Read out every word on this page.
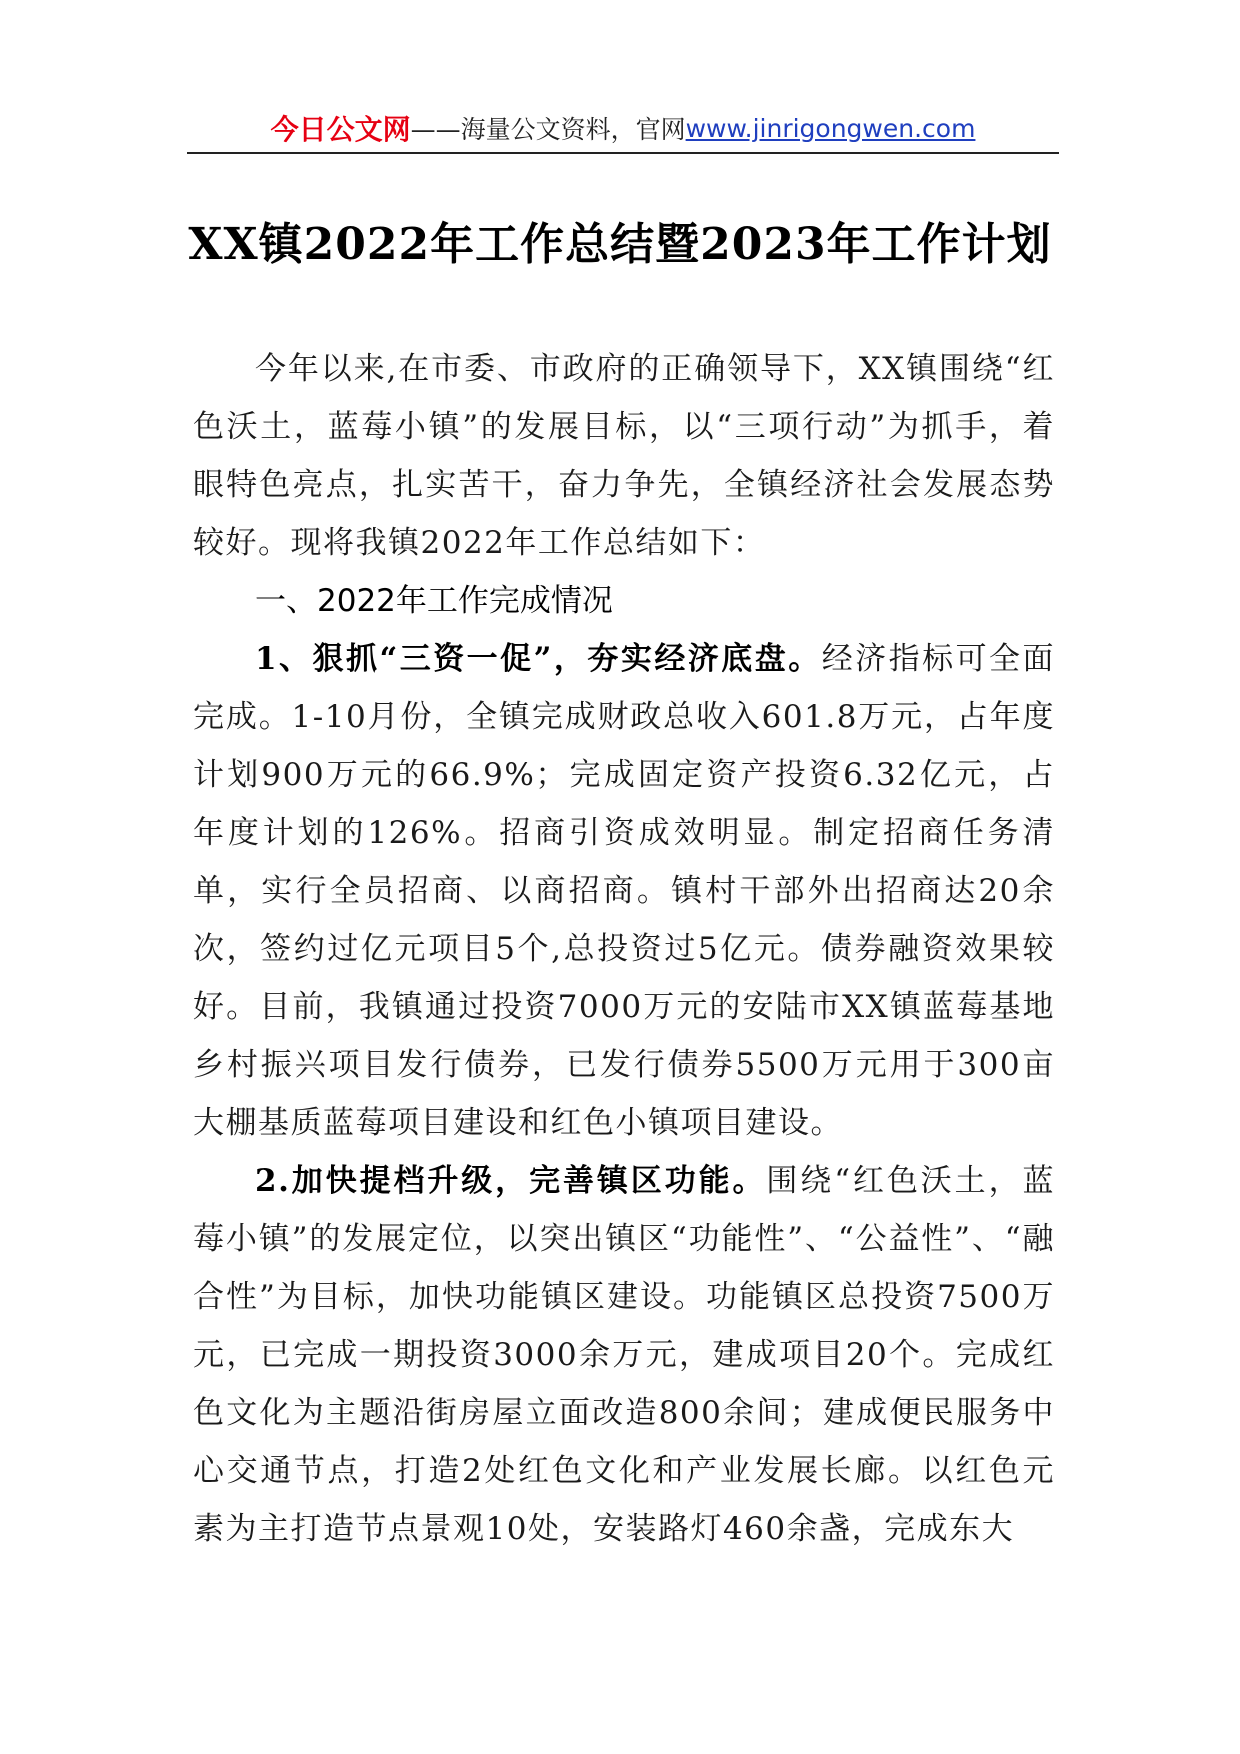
今日公文网 ——海量公文资料，官网 www.jinrigongwen.com
XX镇2022年工作总结暨2023年工作计划

今年以来,在市委、市政府的正确领导下，XX镇围绕“红色沃土，蓝莓小镇”的发展目标，以“三项行动”为抓手，着眼特色亮点，扎实苦干，奋力争先，全镇经济社会发展态势较好。现将我镇2022年工作总结如下：

一、2022年工作完成情况

1、狠抓“三资一促”，夯实经济底盘。经济指标可全面完成。1-10月份，全镇完成财政总收入601.8万元，占年度计划900万元的66.9%；完成固定资产投资6.32亿元，占年度计划的126%。招商引资成效明显。制定招商任务清单，实行全员招商、以商招商。镇村干部外出招商达20余次，签约过亿元项目5个,总投资过5亿元。债券融资效果较好。目前，我镇通过投资7000万元的安陆市XX镇蓝莓基地乡村振兴项目发行债券，已发行债券5500万元用于300亩大棚基质蓝莓项目建设和红色小镇项目建设。

2.加快提档升级，完善镇区功能。围绕“红色沃土，蓝莓小镇”的发展定位，以突出镇区“功能性”、“公益性”、“融合性”为目标，加快功能镇区建设。功能镇区总投资7500万元，已完成一期投资3000余万元，建成项目20个。完成红色文化为主题沿街房屋立面改造800余间；建成便民服务中心交通节点，打造2处红色文化和产业发展长廊。以红色元素为主打造节点景观10处，安装路灯460余盏，完成东大
